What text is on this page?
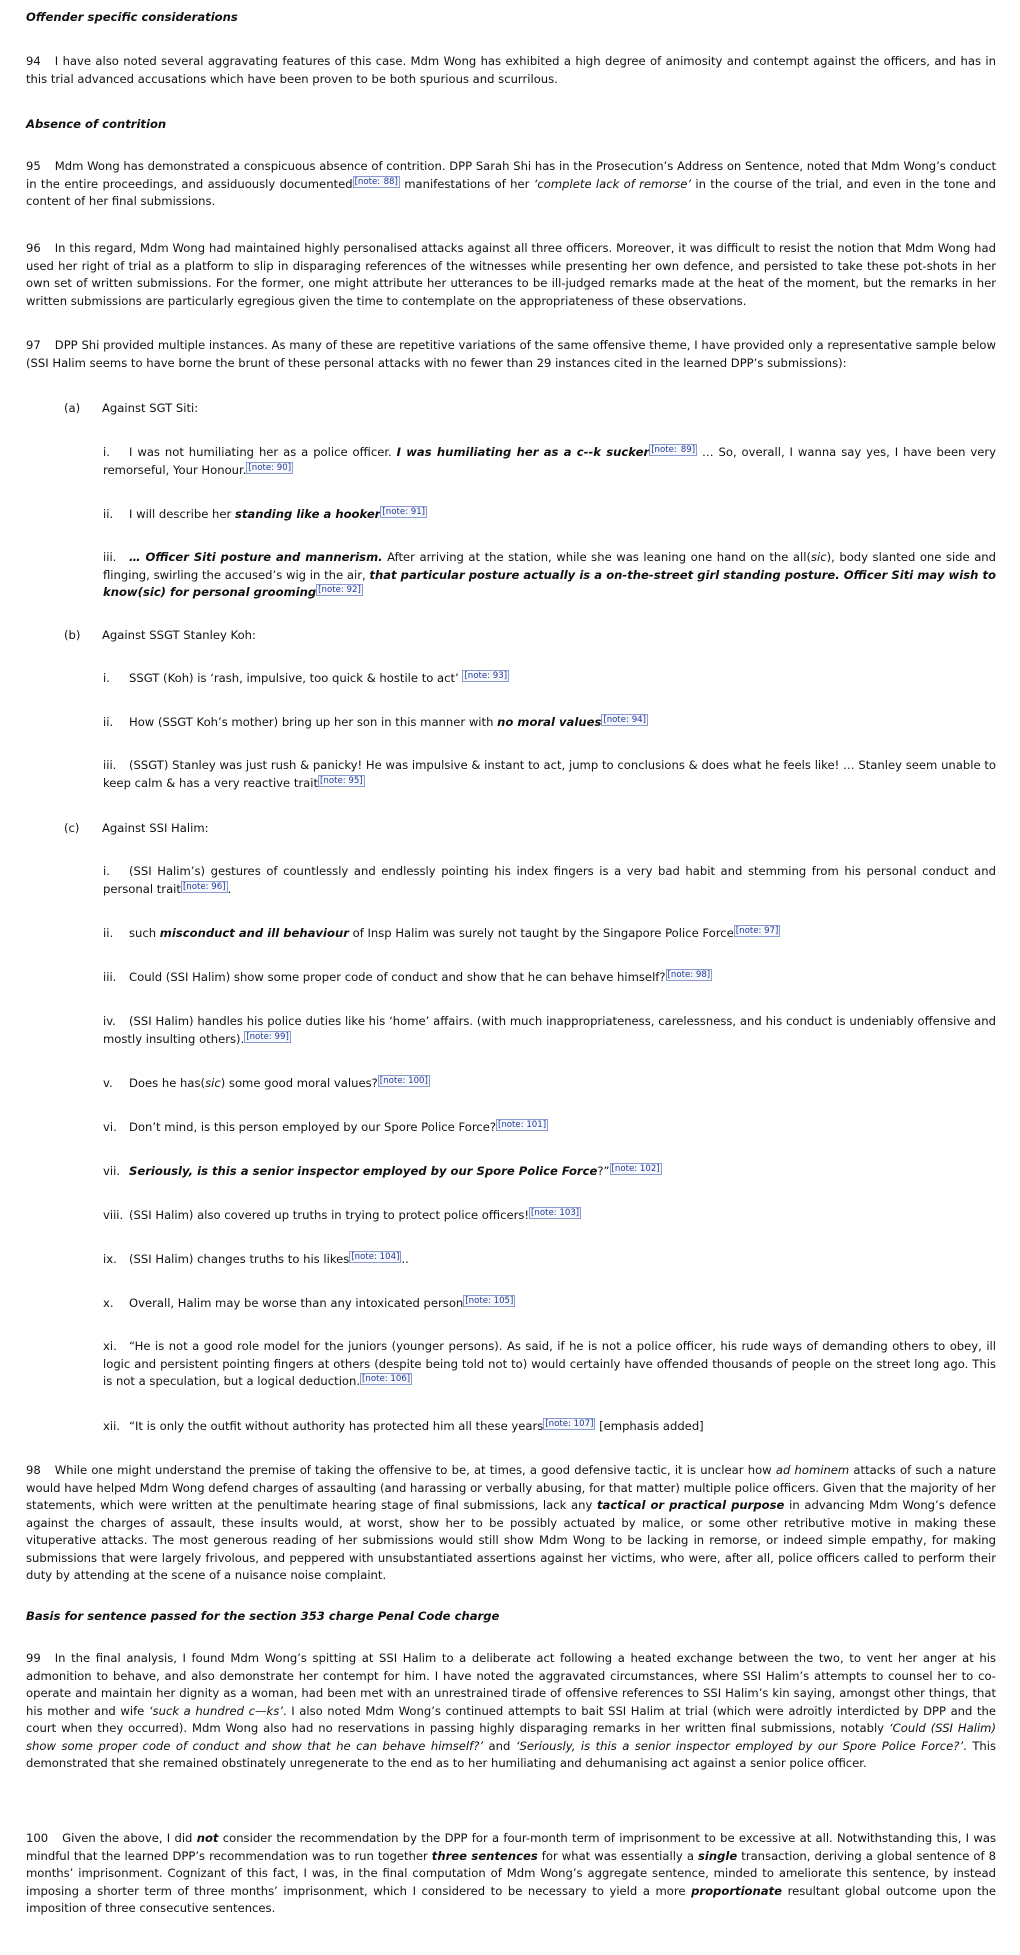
Offender specific considerations

94 I have also noted several aggravating features of this case. Mdm Wong has exhibited a high degree of animosity and contempt against the officers, and has in this trial advanced accusations which have been proven to be both spurious and scurrilous.

Absence of contrition

95 Mdm Wong has demonstrated a conspicuous absence of contrition. DPP Sarah Shi has in the Prosecution’s Address on Sentence, noted that Mdm Wong’s conduct in the entire proceedings, and assiduously documented [note: 88] manifestations of her ‘complete lack of remorse’ in the course of the trial, and even in the tone and content of her final submissions.

96 In this regard, Mdm Wong had maintained highly personalised attacks against all three officers. Moreover, it was difficult to resist the notion that Mdm Wong had used her right of trial as a platform to slip in disparaging references of the witnesses while presenting her own defence, and persisted to take these pot-shots in her own set of written submissions. For the former, one might attribute her utterances to be ill-judged remarks made at the heat of the moment, but the remarks in her written submissions are particularly egregious given the time to contemplate on the appropriateness of these observations.

97 DPP Shi provided multiple instances. As many of these are repetitive variations of the same offensive theme, I have provided only a representative sample below (SSI Halim seems to have borne the brunt of these personal attacks with no fewer than 29 instances cited in the learned DPP’s submissions):

(a) Against SGT Siti:

i. I was not humiliating her as a police officer. I was humiliating her as a c--k sucker [note: 89] … So, overall, I wanna say yes, I have been very remorseful, Your Honour. [note: 90]

ii. I will describe her standing like a hooker [note: 91]

iii. … Officer Siti posture and mannerism. After arriving at the station, while she was leaning one hand on the all(sic), body slanted one side and flinging, swirling the accused’s wig in the air, that particular posture actually is a on-the-street girl standing posture. Officer Siti may wish to know(sic) for personal grooming [note: 92]

(b) Against SSGT Stanley Koh:

i. SSGT (Koh) is ‘rash, impulsive, too quick & hostile to act’ [note: 93]

ii. How (SSGT Koh’s mother) bring up her son in this manner with no moral values [note: 94]

iii. (SSGT) Stanley was just rush & panicky! He was impulsive & instant to act, jump to conclusions & does what he feels like! … Stanley seem unable to keep calm & has a very reactive trait [note: 95]

(c) Against SSI Halim:

i. (SSI Halim’s) gestures of countlessly and endlessly pointing his index fingers is a very bad habit and stemming from his personal conduct and personal trait [note: 96] .

ii. such misconduct and ill behaviour of Insp Halim was surely not taught by the Singapore Police Force [note: 97]

iii. Could (SSI Halim) show some proper code of conduct and show that he can behave himself? [note: 98]

iv. (SSI Halim) handles his police duties like his ‘home’ affairs. (with much inappropriateness, carelessness, and his conduct is undeniably offensive and mostly insulting others). [note: 99]

v. Does he has(sic) some good moral values? [note: 100]

vi. Don’t mind, is this person employed by our Spore Police Force? [note: 101]

vii. Seriously, is this a senior inspector employed by our Spore Police Force?” [note: 102]

viii. (SSI Halim) also covered up truths in trying to protect police officers! [note: 103]

ix. (SSI Halim) changes truths to his likes [note: 104] ..

x. Overall, Halim may be worse than any intoxicated person [note: 105]

xi. “He is not a good role model for the juniors (younger persons). As said, if he is not a police officer, his rude ways of demanding others to obey, ill logic and persistent pointing fingers at others (despite being told not to) would certainly have offended thousands of people on the street long ago. This is not a speculation, but a logical deduction. [note: 106]

xii. “It is only the outfit without authority has protected him all these years [note: 107] [emphasis added]

98 While one might understand the premise of taking the offensive to be, at times, a good defensive tactic, it is unclear how ad hominem attacks of such a nature would have helped Mdm Wong defend charges of assaulting (and harassing or verbally abusing, for that matter) multiple police officers. Given that the majority of her statements, which were written at the penultimate hearing stage of final submissions, lack any tactical or practical purpose in advancing Mdm Wong’s defence against the charges of assault, these insults would, at worst, show her to be possibly actuated by malice, or some other retributive motive in making these vituperative attacks. The most generous reading of her submissions would still show Mdm Wong to be lacking in remorse, or indeed simple empathy, for making submissions that were largely frivolous, and peppered with unsubstantiated assertions against her victims, who were, after all, police officers called to perform their duty by attending at the scene of a nuisance noise complaint.

Basis for sentence passed for the section 353 charge Penal Code charge

99 In the final analysis, I found Mdm Wong’s spitting at SSI Halim to a deliberate act following a heated exchange between the two, to vent her anger at his admonition to behave, and also demonstrate her contempt for him. I have noted the aggravated circumstances, where SSI Halim’s attempts to counsel her to co-operate and maintain her dignity as a woman, had been met with an unrestrained tirade of offensive references to SSI Halim’s kin saying, amongst other things, that his mother and wife ‘suck a hundred c—ks’. I also noted Mdm Wong’s continued attempts to bait SSI Halim at trial (which were adroitly interdicted by DPP and the court when they occurred). Mdm Wong also had no reservations in passing highly disparaging remarks in her written final submissions, notably ‘Could (SSI Halim) show some proper code of conduct and show that he can behave himself?’ and ‘Seriously, is this a senior inspector employed by our Spore Police Force?’. This demonstrated that she remained obstinately unregenerate to the end as to her humiliating and dehumanising act against a senior police officer.

100 Given the above, I did not consider the recommendation by the DPP for a four-month term of imprisonment to be excessive at all. Notwithstanding this, I was mindful that the learned DPP’s recommendation was to run together three sentences for what was essentially a single transaction, deriving a global sentence of 8 months’ imprisonment. Cognizant of this fact, I was, in the final computation of Mdm Wong’s aggregate sentence, minded to ameliorate this sentence, by instead imposing a shorter term of three months’ imprisonment, which I considered to be necessary to yield a more proportionate resultant global outcome upon the imposition of three consecutive sentences.
